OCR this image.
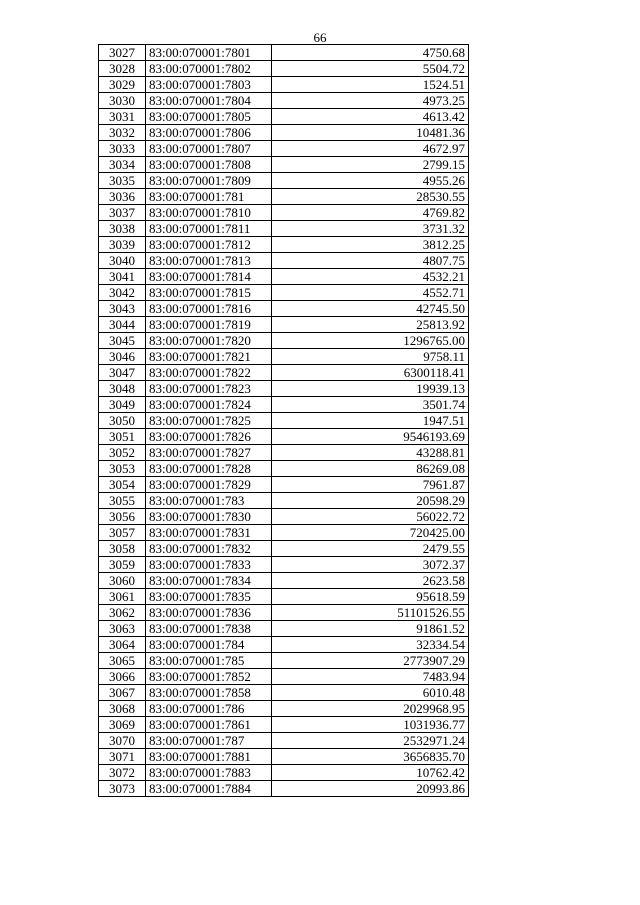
66
3027	83:00:070001:7801	4750.68
3028	83:00:070001:7802	5504.72
3029	83:00:070001:7803	1524.51
3030	83:00:070001:7804	4973.25
3031	83:00:070001:7805	4613.42
3032	83:00:070001:7806	10481.36
3033	83:00:070001:7807	4672.97
3034	83:00:070001:7808	2799.15
3035	83:00:070001:7809	4955.26
3036	83:00:070001:781	28530.55
3037	83:00:070001:7810	4769.82
3038	83:00:070001:7811	3731.32
3039	83:00:070001:7812	3812.25
3040	83:00:070001:7813	4807.75
3041	83:00:070001:7814	4532.21
3042	83:00:070001:7815	4552.71
3043	83:00:070001:7816	42745.50
3044	83:00:070001:7819	25813.92
3045	83:00:070001:7820	1296765.00
3046	83:00:070001:7821	9758.11
3047	83:00:070001:7822	6300118.41
3048	83:00:070001:7823	19939.13
3049	83:00:070001:7824	3501.74
3050	83:00:070001:7825	1947.51
3051	83:00:070001:7826	9546193.69
3052	83:00:070001:7827	43288.81
3053	83:00:070001:7828	86269.08
3054	83:00:070001:7829	7961.87
3055	83:00:070001:783	20598.29
3056	83:00:070001:7830	56022.72
3057	83:00:070001:7831	720425.00
3058	83:00:070001:7832	2479.55
3059	83:00:070001:7833	3072.37
3060	83:00:070001:7834	2623.58
3061	83:00:070001:7835	95618.59
3062	83:00:070001:7836	51101526.55
3063	83:00:070001:7838	91861.52
3064	83:00:070001:784	32334.54
3065	83:00:070001:785	2773907.29
3066	83:00:070001:7852	7483.94
3067	83:00:070001:7858	6010.48
3068	83:00:070001:786	2029968.95
3069	83:00:070001:7861	1031936.77
3070	83:00:070001:787	2532971.24
3071	83:00:070001:7881	3656835.70
3072	83:00:070001:7883	10762.42
3073	83:00:070001:7884	20993.86
